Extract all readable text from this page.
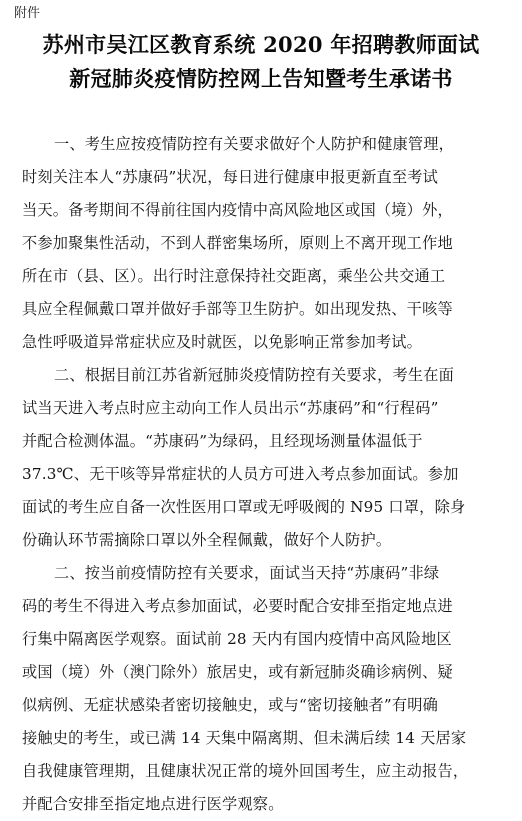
附件
苏州市吴江区教育系统 2020 年招聘教师面试
新冠肺炎疫情防控网上告知暨考生承诺书
一、考生应按疫情防控有关要求做好个人防护和健康管理，
时刻关注本人“苏康码”状况，每日进行健康申报更新直至考试
当天。备考期间不得前往国内疫情中高风险地区或国（境）外，
不参加聚集性活动，不到人群密集场所，原则上不离开现工作地
所在市（县、区）。出行时注意保持社交距离，乘坐公共交通工
具应全程佩戴口罩并做好手部等卫生防护。如出现发热、干咳等
急性呼吸道异常症状应及时就医，以免影响正常参加考试。
二、根据目前江苏省新冠肺炎疫情防控有关要求，考生在面
试当天进入考点时应主动向工作人员出示“苏康码”和“行程码”
并配合检测体温。“苏康码”为绿码，且经现场测量体温低于
37.3℃、无干咳等异常症状的人员方可进入考点参加面试。参加
面试的考生应自备一次性医用口罩或无呼吸阀的 N95 口罩，除身
份确认环节需摘除口罩以外全程佩戴，做好个人防护。
二、按当前疫情防控有关要求，面试当天持“苏康码”非绿
码的考生不得进入考点参加面试，必要时配合安排至指定地点进
行集中隔离医学观察。面试前 28 天内有国内疫情中高风险地区
或国（境）外（澳门除外）旅居史，或有新冠肺炎确诊病例、疑
似病例、无症状感染者密切接触史，或与“密切接触者”有明确
接触史的考生，或已满 14 天集中隔离期、但未满后续 14 天居家
自我健康管理期，且健康状况正常的境外回国考生，应主动报告，
并配合安排至指定地点进行医学观察。
